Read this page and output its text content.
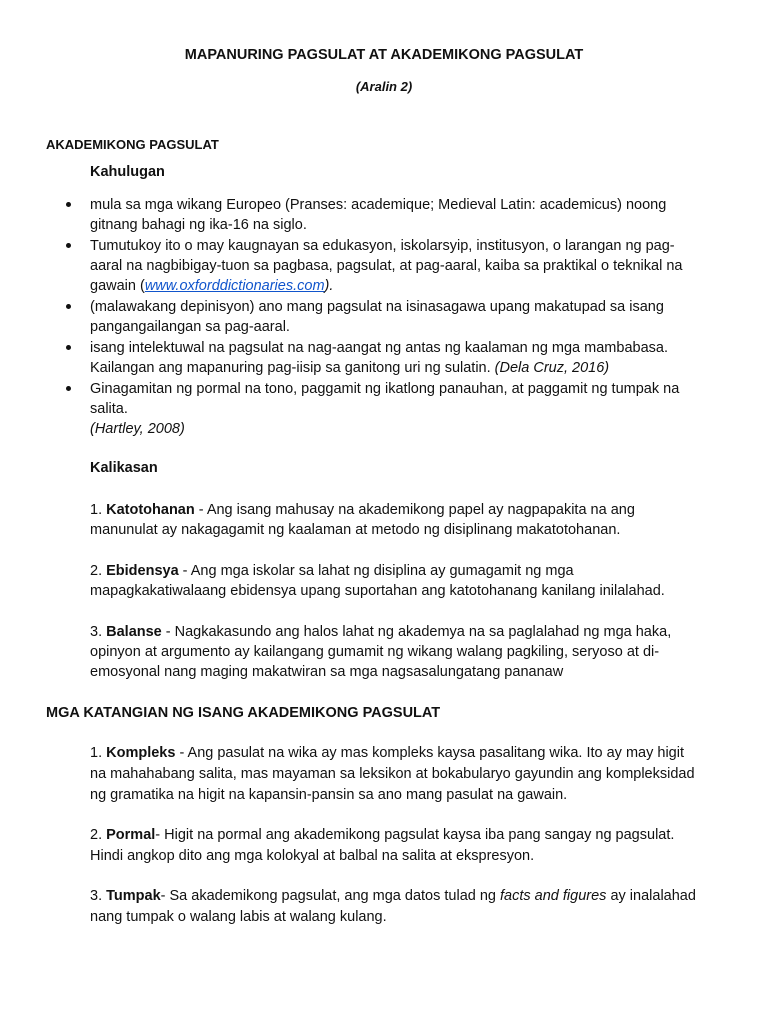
MAPANURING PAGSULAT AT AKADEMIKONG PAGSULAT
(Aralin 2)
AKADEMIKONG PAGSULAT
Kahulugan
mula sa mga wikang Europeo (Pranses: academique; Medieval Latin: academicus) noong
gitnang bahagi ng ika-16 na siglo.
Tumutukoy ito o may kaugnayan sa edukasyon, iskolarsyip, institusyon, o larangan ng pag-
aaral na nagbibigay-tuon sa pagbasa, pagsulat, at pag-aaral, kaiba sa praktikal o teknikal na
gawain (www.oxforddictionaries.com).
(malawakang depinisyon) ano mang pagsulat na isinasagawa upang makatupad sa isang
pangangailangan sa pag-aaral.
isang intelektuwal na pagsulat na nag-aangat ng antas ng kaalaman ng mga mambabasa.
Kailangan ang mapanuring pag-iisip sa ganitong uri ng sulatin. (Dela Cruz, 2016)
Ginagamitan ng pormal na tono, paggamit ng ikatlong panauhan, at paggamit ng tumpak na
salita.
(Hartley, 2008)
Kalikasan
1. Katotohanan - Ang isang mahusay na akademikong papel ay nagpapakita na ang
manunulat ay nakagagamit ng kaalaman at metodo ng disiplinang makatotohanan.
2. Ebidensya - Ang mga iskolar sa lahat ng disiplina ay gumagamit ng mga
mapagkakatiwalaang ebidensya upang suportahan ang katotohanang kanilang inilalahad.
3. Balanse - Nagkakasundo ang halos lahat ng akademya na sa paglalahad ng mga haka,
opinyon at argumento ay kailangang gumamit ng wikang walang pagkiling, seryoso at di-
emosyonal nang maging makatwiran sa mga nagsasalungatang pananaw
MGA KATANGIAN NG ISANG AKADEMIKONG PAGSULAT
1. Kompleks - Ang pasulat na wika ay mas kompleks kaysa pasalitang wika. Ito ay may higit
na mahahabang salita, mas mayaman sa leksikon at bokabularyo gayundin ang kompleksidad
ng gramatika na higit na kapansin-pansin sa ano mang pasulat na gawain.
2. Pormal- Higit na pormal ang akademikong pagsulat kaysa iba pang sangay ng pagsulat.
Hindi angkop dito ang mga kolokyal at balbal na salita at ekspresyon.
3. Tumpak- Sa akademikong pagsulat, ang mga datos tulad ng facts and figures ay inalalahad
nang tumpak o walang labis at walang kulang.
